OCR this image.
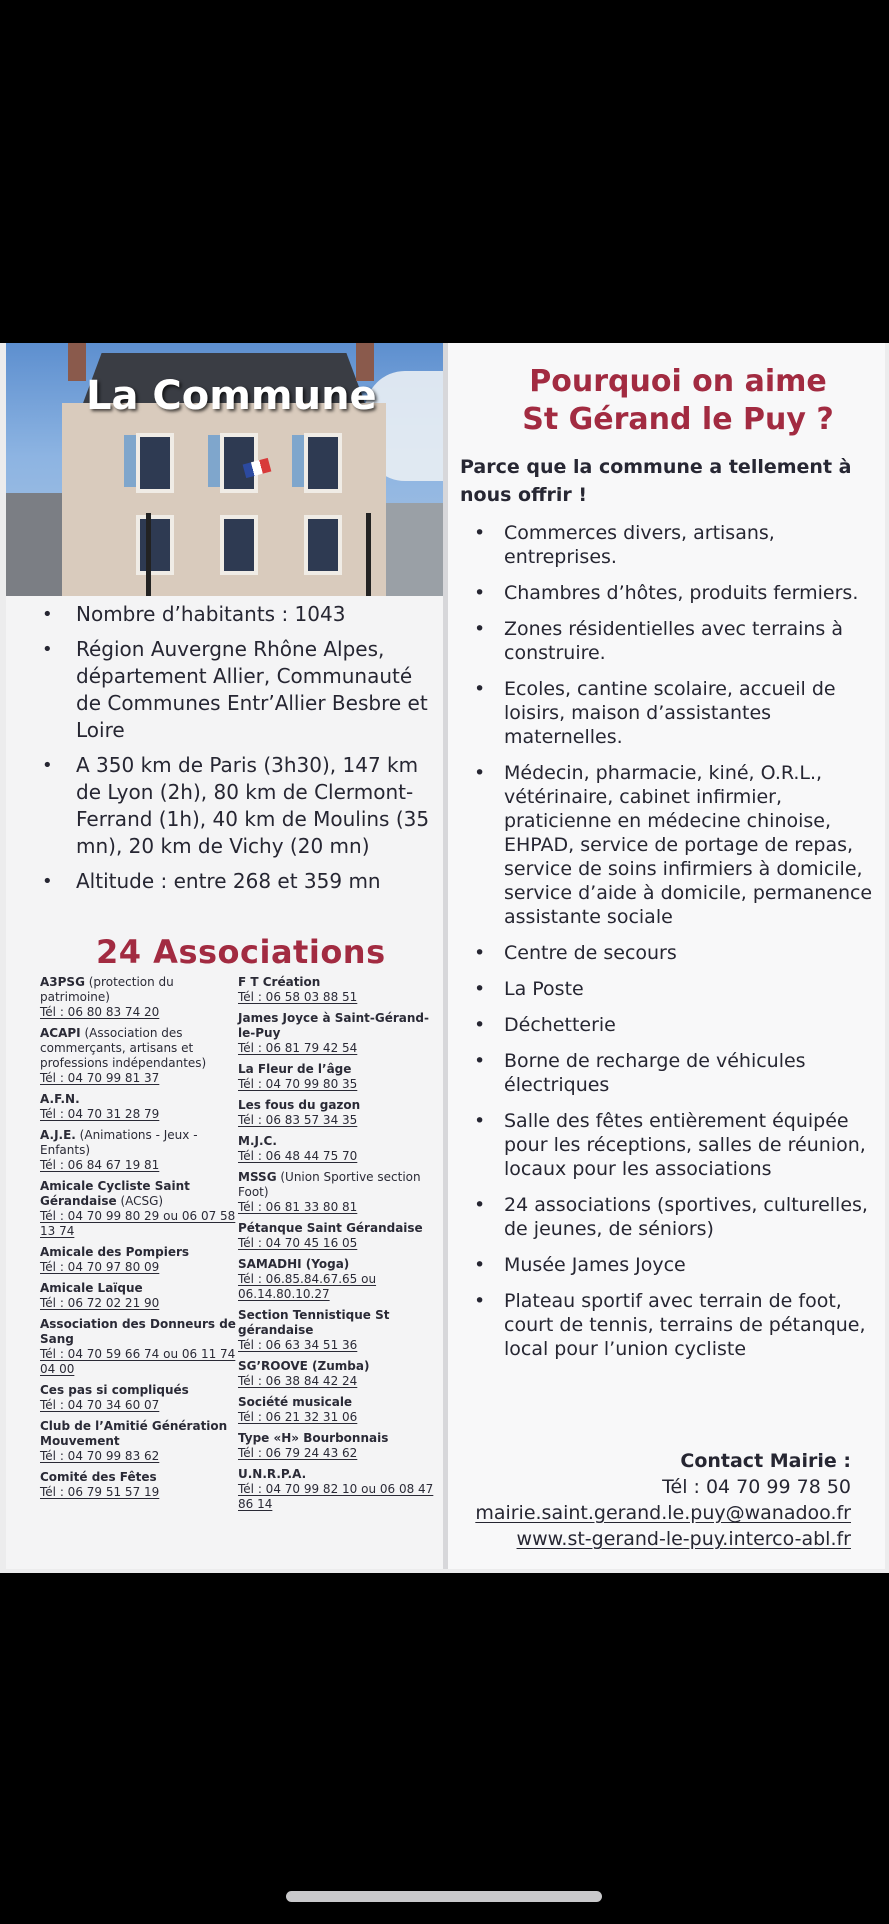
La Commune
• Nombre d’habitants : 1043
• Région Auvergne Rhône Alpes, département Allier, Communauté de Communes Entr’Allier Besbre et Loire
• A 350 km de Paris (3h30), 147 km de Lyon (2h), 80 km de Clermont-Ferrand (1h), 40 km de Moulins (35 mn), 20 km de Vichy (20 mn)
• Altitude : entre 268 et 359 mn
24 Associations
A3PSG (protection du patrimoine)
Tél : 06 80 83 74 20
ACAPI (Association des commerçants, artisans et professions indépendantes)
Tél : 04 70 99 81 37
A.F.N.
Tél : 04 70 31 28 79
A.J.E. (Animations - Jeux - Enfants)
Tél : 06 84 67 19 81
Amicale Cycliste Saint Gérandaise (ACSG)
Tél : 04 70 99 80 29 ou 06 07 58 13 74
Amicale des Pompiers
Tél : 04 70 97 80 09
Amicale Laïque
Tél : 06 72 02 21 90
Association des Donneurs de Sang
Tél : 04 70 59 66 74 ou 06 11 74 04 00
Ces pas si compliqués
Tél : 04 70 34 60 07
Club de l’Amitié Génération Mouvement
Tél : 04 70 99 83 62
Comité des Fêtes
Tél : 06 79 51 57 19
F T Création
Tél : 06 58 03 88 51
James Joyce à Saint-Gérand-le-Puy
Tél : 06 81 79 42 54
La Fleur de l’âge
Tél : 04 70 99 80 35
Les fous du gazon
Tél : 06 83 57 34 35
M.J.C.
Tél : 06 48 44 75 70
MSSG (Union Sportive section Foot)
Tél : 06 81 33 80 81
Pétanque Saint Gérandaise
Tél : 04 70 45 16 05
SAMADHI (Yoga)
Tél : 06.85.84.67.65 ou 06.14.80.10.27
Section Tennistique St gérandaise
Tél : 06 63 34 51 36
SG’ROOVE (Zumba)
Tél : 06 38 84 42 24
Société musicale
Tél : 06 21 32 31 06
Type «H» Bourbonnais
Tél : 06 79 24 43 62
U.N.R.P.A.
Tél : 04 70 99 82 10 ou 06 08 47 86 14
Pourquoi on aime
St Gérand le Puy ?
Parce que la commune a tellement à nous offrir !
• Commerces divers, artisans, entreprises.
• Chambres d’hôtes, produits fermiers.
• Zones résidentielles avec terrains à construire.
• Ecoles, cantine scolaire, accueil de loisirs, maison d’assistantes maternelles.
• Médecin, pharmacie, kiné, O.R.L., vétérinaire, cabinet infirmier, praticienne en médecine chinoise, EHPAD, service de portage de repas, service de soins infirmiers à domicile, service d’aide à domicile, permanence assistante sociale
• Centre de secours
• La Poste
• Déchetterie
• Borne de recharge de véhicules électriques
• Salle des fêtes entièrement équipée pour les réceptions, salles de réunion, locaux pour les associations
• 24 associations (sportives, culturelles, de jeunes, de séniors)
• Musée James Joyce
• Plateau sportif avec terrain de foot, court de tennis, terrains de pétanque, local pour l’union cycliste
Contact Mairie :
Tél : 04 70 99 78 50
mairie.saint.gerand.le.puy@wanadoo.fr
www.st-gerand-le-puy.interco-abl.fr
